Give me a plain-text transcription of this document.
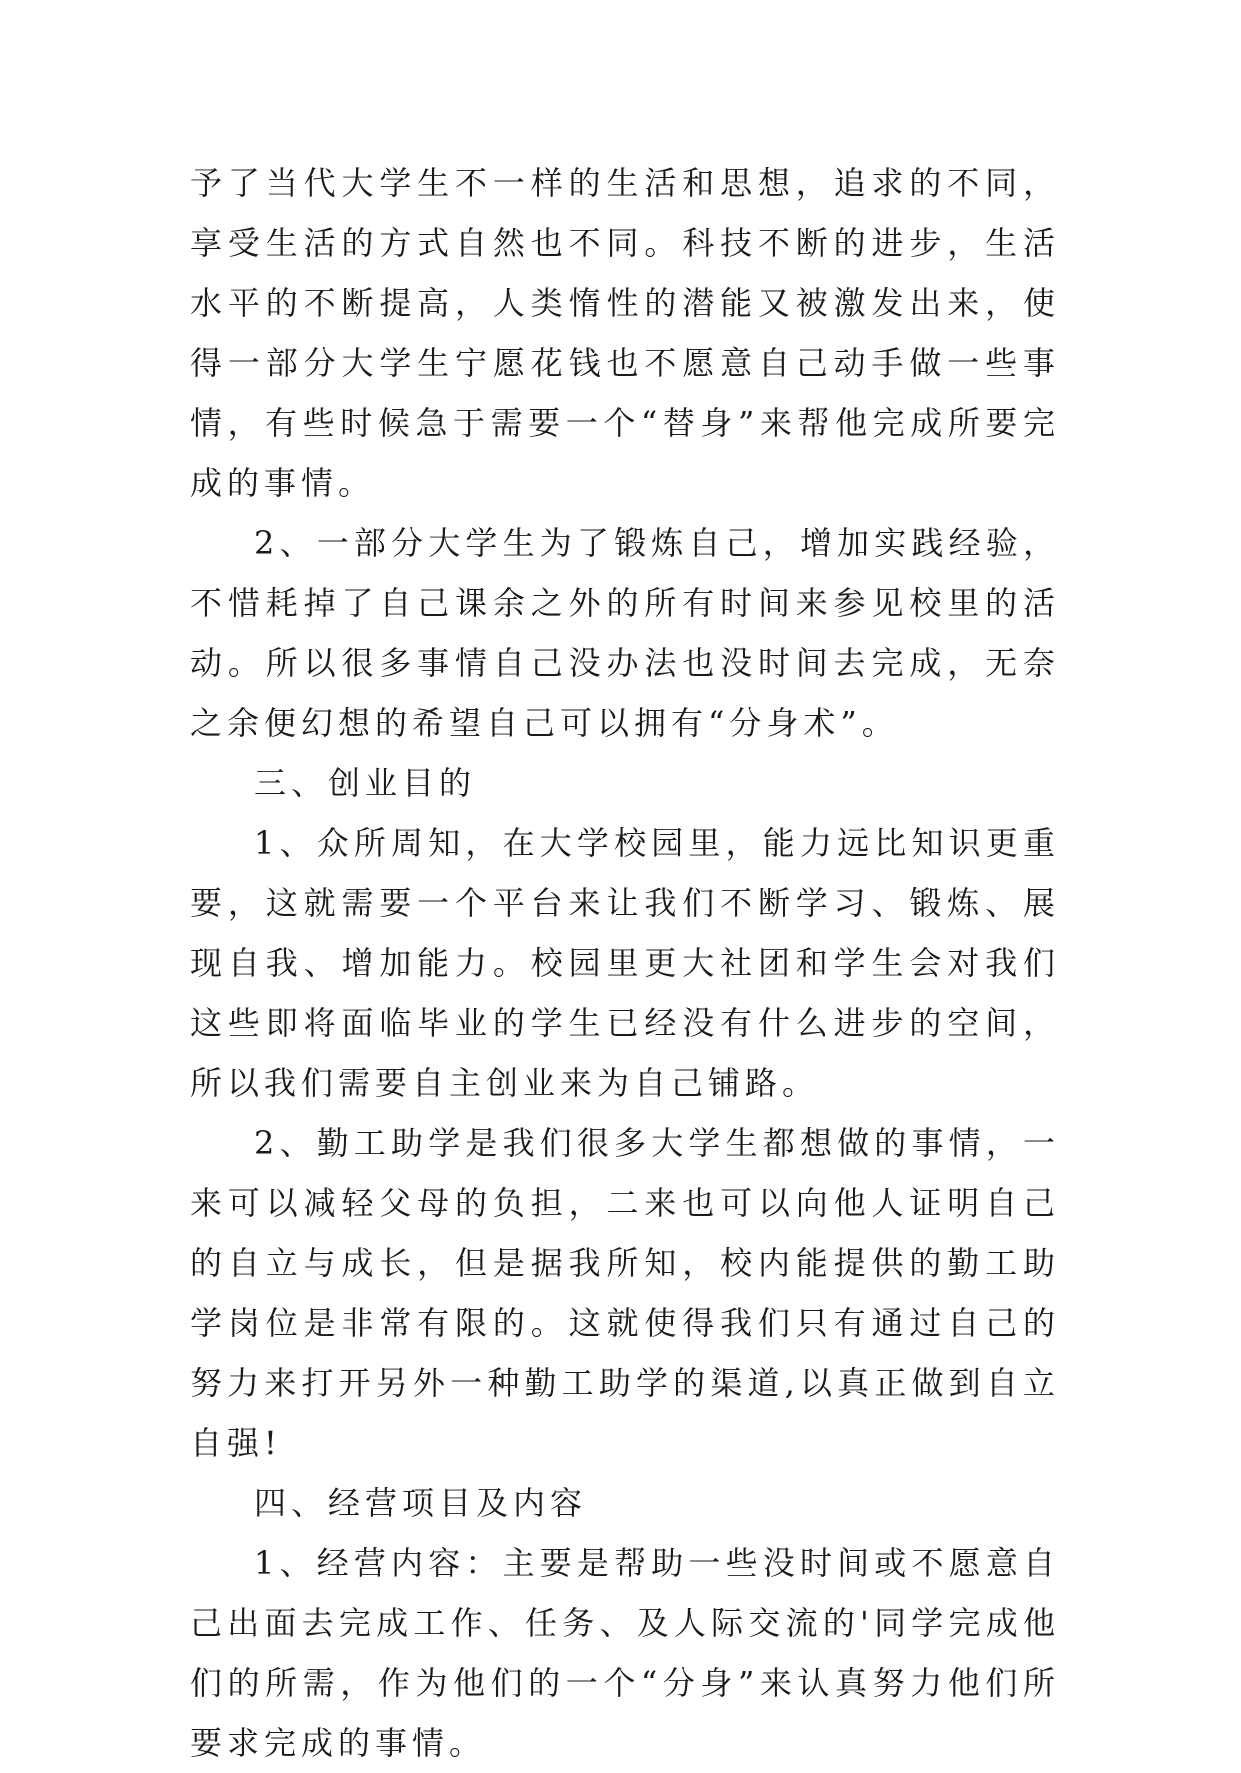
予了当代大学生不一样的生活和思想，追求的不同，享受生活的方式自然也不同。科技不断的进步，生活水平的不断提高，人类惰性的潜能又被激发出来，使得一部分大学生宁愿花钱也不愿意自己动手做一些事情，有些时候急于需要一个“替身”来帮他完成所要完成的事情。

2、一部分大学生为了锻炼自己，增加实践经验，不惜耗掉了自己课余之外的所有时间来参见校里的活动。所以很多事情自己没办法也没时间去完成，无奈之余便幻想的希望自己可以拥有“分身术”。

三、创业目的

1、众所周知，在大学校园里，能力远比知识更重要，这就需要一个平台来让我们不断学习、锻炼、展现自我、增加能力。校园里更大社团和学生会对我们这些即将面临毕业的学生已经没有什么进步的空间，所以我们需要自主创业来为自己铺路。

2、勤工助学是我们很多大学生都想做的事情，一来可以减轻父母的负担，二来也可以向他人证明自己的自立与成长，但是据我所知，校内能提供的勤工助学岗位是非常有限的。这就使得我们只有通过自己的努力来打开另外一种勤工助学的渠道,以真正做到自立自强!

四、经营项目及内容

1、经营内容：主要是帮助一些没时间或不愿意自己出面去完成工作、任务、及人际交流的'同学完成他们的所需，作为他们的一个“分身”来认真努力他们所要求完成的事情。
